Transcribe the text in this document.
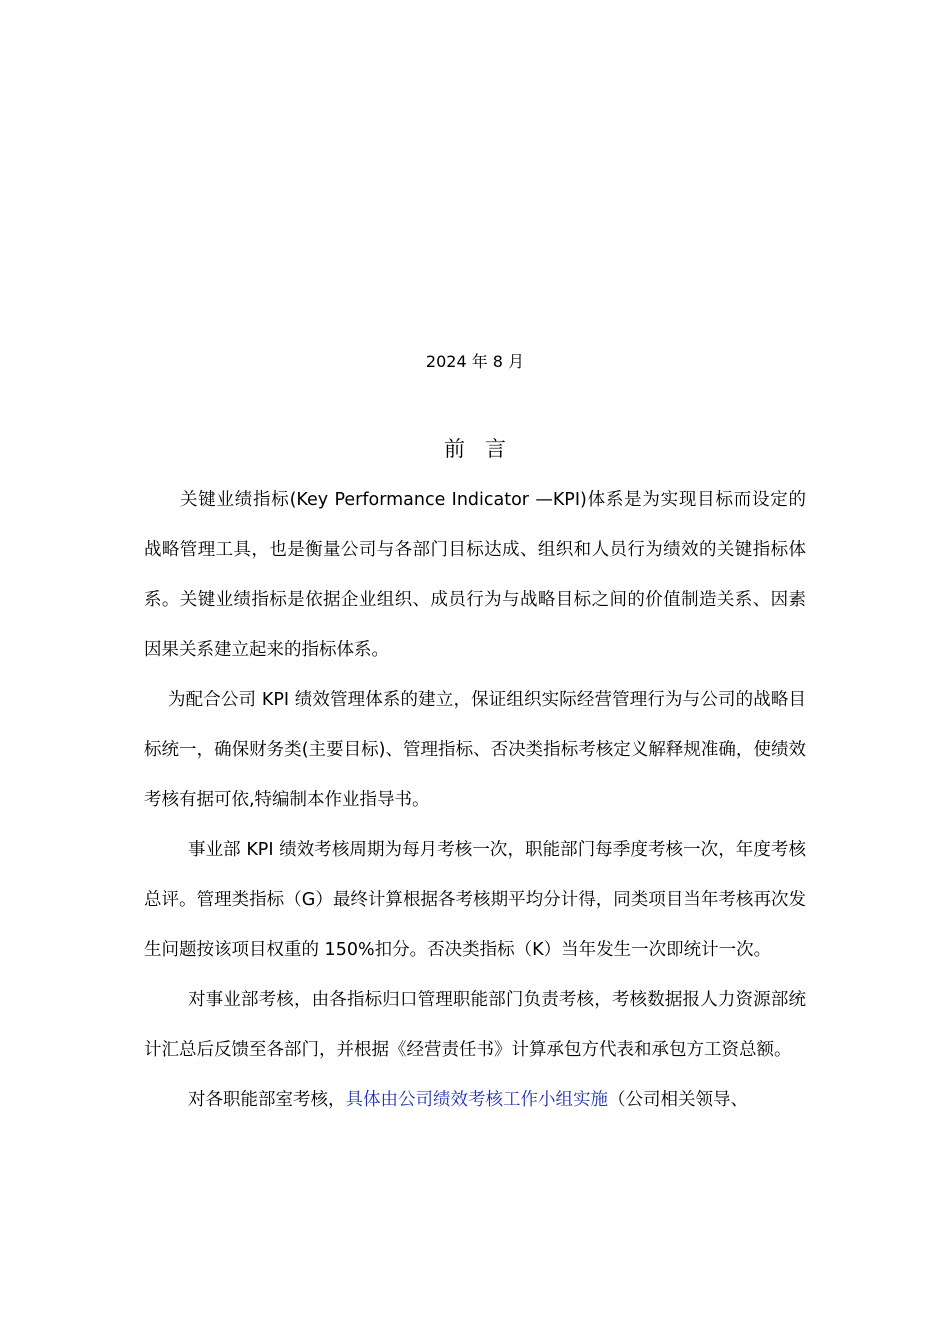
2024 年 8 月
前言

关键业绩指标(Key Performance Indicator —KPI)体系是为实现目标而设定的战略管理工具，也是衡量公司与各部门目标达成、组织和人员行为绩效的关键指标体系。关键业绩指标是依据企业组织、成员行为与战略目标之间的价值制造关系、因素因果关系建立起来的指标体系。

为配合公司 KPI 绩效管理体系的建立，保证组织实际经营管理行为与公司的战略目标统一，确保财务类(主要目标)、管理指标、否决类指标考核定义解释规准确，使绩效考核有据可依,特编制本作业指导书。

事业部 KPI 绩效考核周期为每月考核一次，职能部门每季度考核一次，年度考核总评。管理类指标（G）最终计算根据各考核期平均分计得，同类项目当年考核再次发生问题按该项目权重的 150%扣分。否决类指标（K）当年发生一次即统计一次。

对事业部考核，由各指标归口管理职能部门负责考核，考核数据报人力资源部统计汇总后反馈至各部门，并根据《经营责任书》计算承包方代表和承包方工资总额。

对各职能部室考核，具体由公司绩效考核工作小组实施（公司相关领导、
